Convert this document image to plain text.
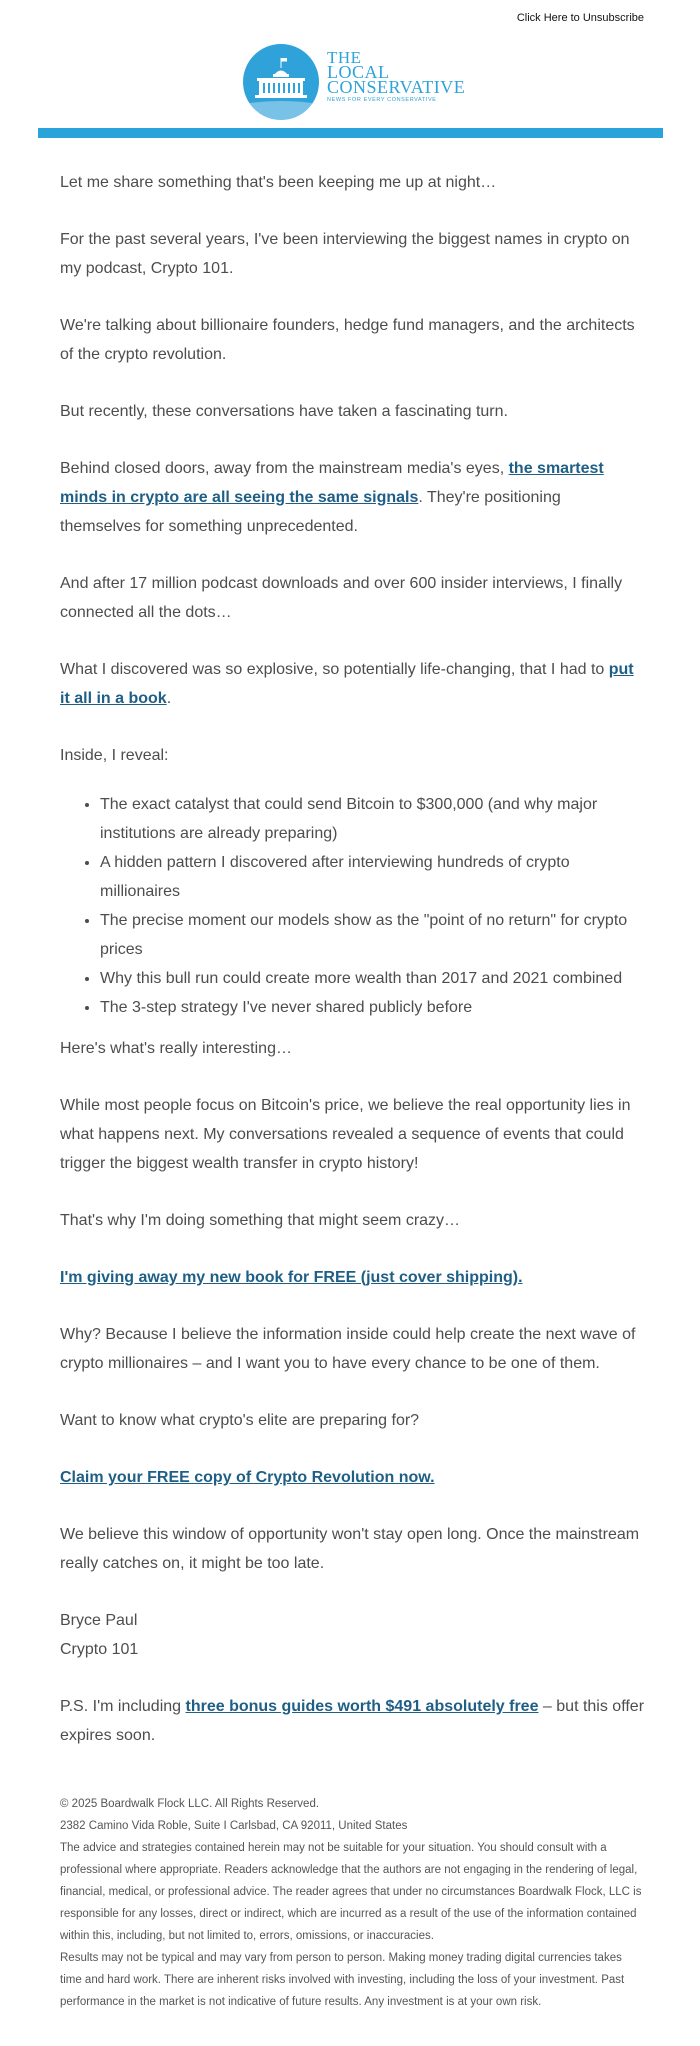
Click Here to Unsubscribe
THE
LOCAL
CONSERVATIVE
NEWS FOR EVERY CONSERVATIVE

Let me share something that's been keeping me up at night…

For the past several years, I've been interviewing the biggest names in crypto on my podcast, Crypto 101.

We're talking about billionaire founders, hedge fund managers, and the architects of the crypto revolution.

But recently, these conversations have taken a fascinating turn.

Behind closed doors, away from the mainstream media's eyes, the smartest minds in crypto are all seeing the same signals. They're positioning themselves for something unprecedented.

And after 17 million podcast downloads and over 600 insider interviews, I finally connected all the dots…

What I discovered was so explosive, so potentially life-changing, that I had to put it all in a book.

Inside, I reveal:

• The exact catalyst that could send Bitcoin to $300,000 (and why major institutions are already preparing)
• A hidden pattern I discovered after interviewing hundreds of crypto millionaires
• The precise moment our models show as the "point of no return" for crypto prices
• Why this bull run could create more wealth than 2017 and 2021 combined
• The 3-step strategy I've never shared publicly before

Here's what's really interesting…

While most people focus on Bitcoin's price, we believe the real opportunity lies in what happens next. My conversations revealed a sequence of events that could trigger the biggest wealth transfer in crypto history!

That's why I'm doing something that might seem crazy…

I'm giving away my new book for FREE (just cover shipping).

Why? Because I believe the information inside could help create the next wave of crypto millionaires – and I want you to have every chance to be one of them.

Want to know what crypto's elite are preparing for?

Claim your FREE copy of Crypto Revolution now.

We believe this window of opportunity won't stay open long. Once the mainstream really catches on, it might be too late.

Bryce Paul
Crypto 101

P.S. I'm including three bonus guides worth $491 absolutely free – but this offer expires soon.

© 2025 Boardwalk Flock LLC. All Rights Reserved.

2382 Camino Vida Roble, Suite I Carlsbad, CA 92011, United States

The advice and strategies contained herein may not be suitable for your situation. You should consult with a professional where appropriate. Readers acknowledge that the authors are not engaging in the rendering of legal, financial, medical, or professional advice. The reader agrees that under no circumstances Boardwalk Flock, LLC is responsible for any losses, direct or indirect, which are incurred as a result of the use of the information contained within this, including, but not limited to, errors, omissions, or inaccuracies.

Results may not be typical and may vary from person to person. Making money trading digital currencies takes time and hard work. There are inherent risks involved with investing, including the loss of your investment. Past performance in the market is not indicative of future results. Any investment is at your own risk.
